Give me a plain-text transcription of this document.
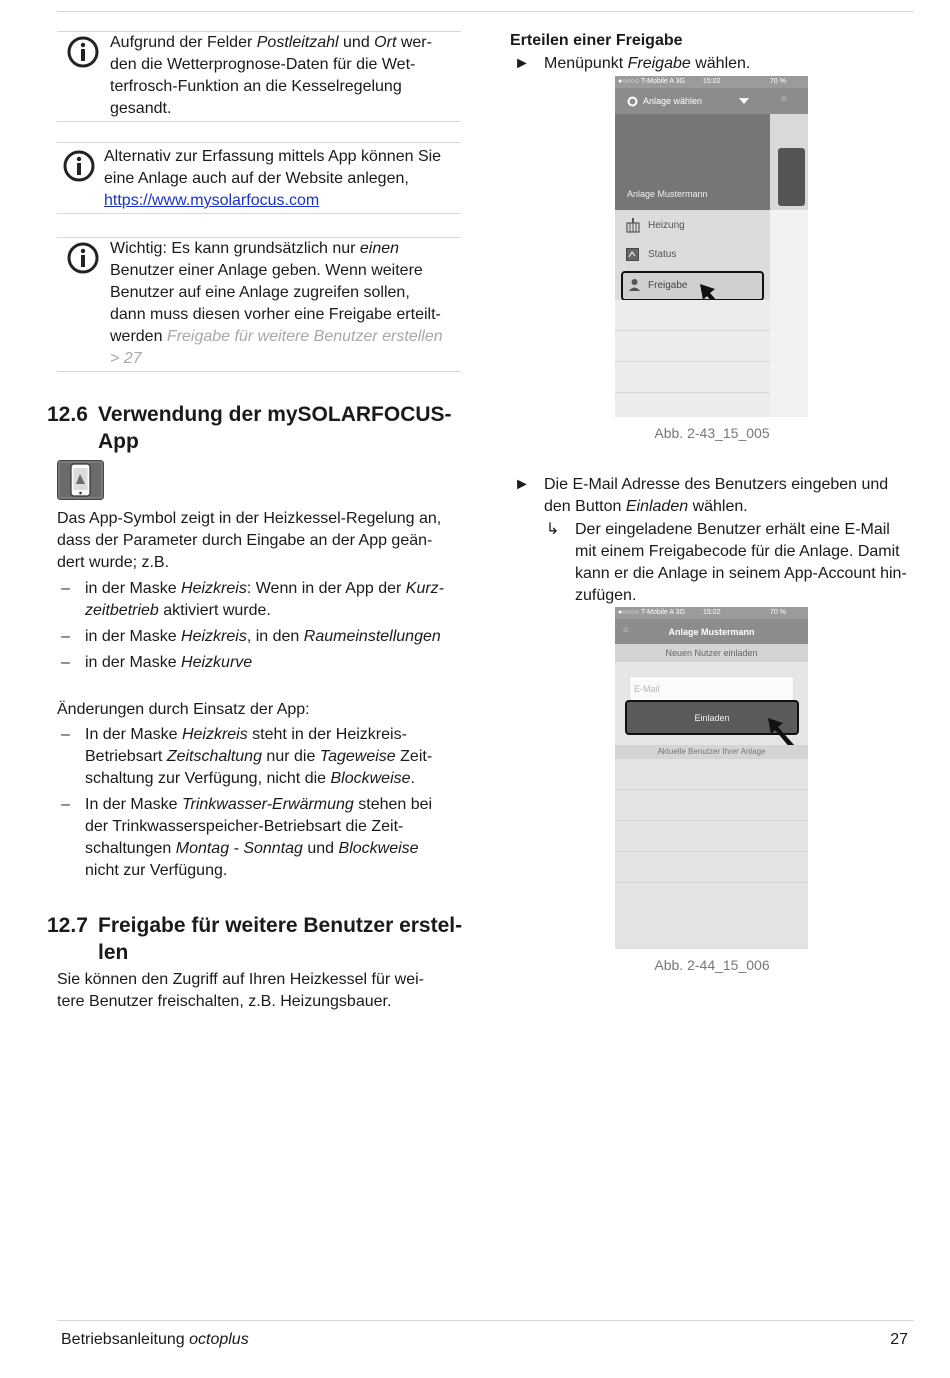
Aufgrund der Felder Postleitzahl und Ort wer-
den die Wetterprognose-Daten für die Wet-
terfrosch-Funktion an die Kesselregelung
gesandt.
Alternativ zur Erfassung mittels App können Sie
eine Anlage auch auf der Website anlegen,
https://www.mysolarfocus.com
Wichtig: Es kann grundsätzlich nur einen
Benutzer einer Anlage geben. Wenn weitere
Benutzer auf eine Anlage zugreifen sollen,
dann muss diesen vorher eine Freigabe erteilt-
werden Freigabe für weitere Benutzer erstellen
> 27
12.6 Verwendung der mySOLARFOCUS-
App
Das App-Symbol zeigt in der Heizkessel-Regelung an,
dass der Parameter durch Eingabe an der App geän-
dert wurde; z.B.
– in der Maske Heizkreis: Wenn in der App der Kurz-
zeitbetrieb aktiviert wurde.
– in der Maske Heizkreis, in den Raumeinstellungen
– in der Maske Heizkurve
Änderungen durch Einsatz der App:
– In der Maske Heizkreis steht in der Heizkreis-
Betriebsart Zeitschaltung nur die Tageweise Zeit-
schaltung zur Verfügung, nicht die Blockweise.
– In der Maske Trinkwasser-Erwärmung stehen bei
der Trinkwasserspeicher-Betriebsart die Zeit-
schaltungen Montag - Sonntag und Blockweise
nicht zur Verfügung.
12.7 Freigabe für weitere Benutzer erstel-
len
Sie können den Zugriff auf Ihren Heizkessel für wei-
tere Benutzer freischalten, z.B. Heizungsbauer.
Erteilen einer Freigabe
► Menüpunkt Freigabe wählen.
●○○○○ T-Mobile A 3G	15:02	70 %
Anlage wählen	≡
Anlage Mustermann
Heizung
Status
Freigabe
Abb. 2-43_15_005
► Die E-Mail Adresse des Benutzers eingeben und
den Button Einladen wählen.
↳ Der eingeladene Benutzer erhält eine E-Mail
mit einem Freigabecode für die Anlage. Damit
kann er die Anlage in seinem App-Account hin-
zufügen.
●○○○○ T-Mobile A 3G	15:02	70 %
≡	Anlage Mustermann
Neuen Nutzer einladen
E-Mail
Einladen
Aktuelle Benutzer Ihrer Anlage
Abb. 2-44_15_006
Betriebsanleitung octoplus	27
